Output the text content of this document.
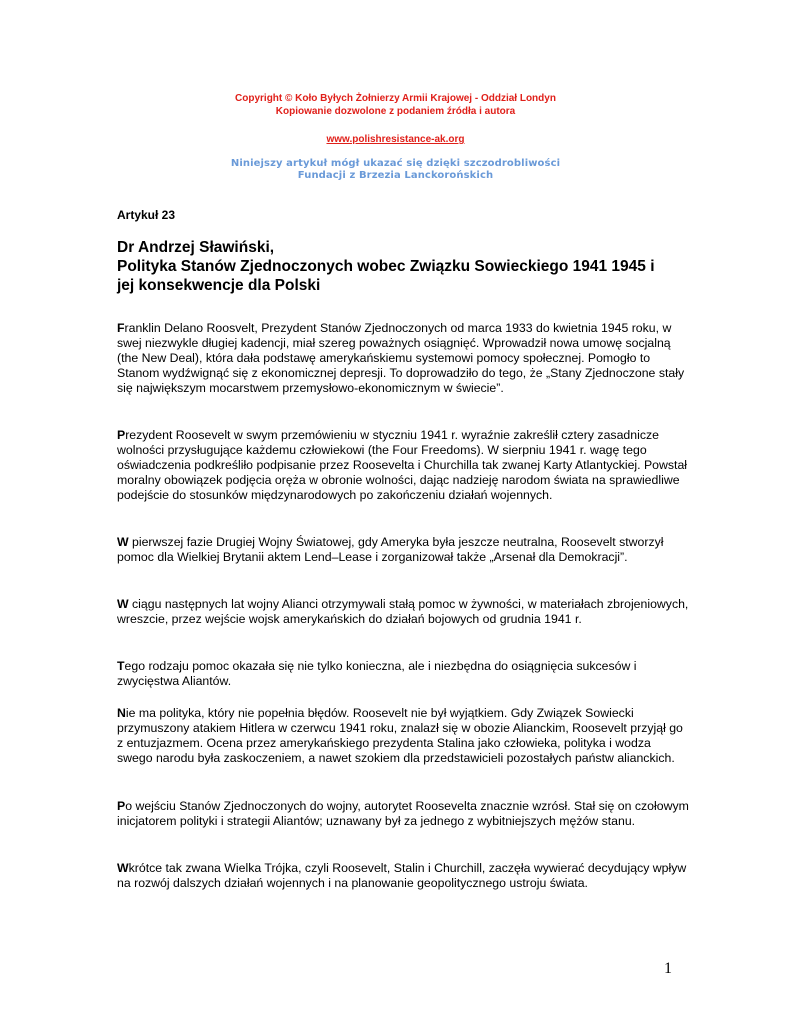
Copyright © Koło Byłych Żołnierzy Armii Krajowej - Oddział Londyn
Kopiowanie dozwolone z podaniem źródła i autora
www.polishresistance-ak.org
Niniejszy artykuł mógł ukazać się dzięki szczodrobliwości
Fundacji z Brzezia Lanckorońskich
Artykuł 23
Dr Andrzej Sławiński,
Polityka Stanów Zjednoczonych wobec Związku Sowieckiego 1941 1945 i
jej konsekwencje dla Polski
Franklin Delano Roosvelt, Prezydent Stanów Zjednoczonych od marca 1933 do kwietnia 1945 roku, w swej niezwykle długiej kadencji, miał szereg poważnych osiągnięć. Wprowadził nowa umowę socjalną (the New Deal), która dała podstawę amerykańskiemu systemowi pomocy społecznej. Pomogło to Stanom wydźwignąć się z ekonomicznej depresji. To doprowadziło do tego, że „Stany Zjednoczone stały się największym mocarstwem przemysłowo-ekonomicznym w świecie”.
Prezydent Roosevelt w swym przemówieniu w styczniu 1941 r. wyraźnie zakreślił cztery zasadnicze wolności przysługujące każdemu człowiekowi (the Four Freedoms). W sierpniu 1941 r. wagę tego oświadczenia podkreśliło podpisanie przez Roosevelta i Churchilla tak zwanej Karty Atlantyckiej. Powstał moralny obowiązek podjęcia oręża w obronie wolności, dając nadzieję narodom świata na sprawiedliwe podejście do stosunków międzynarodowych po zakończeniu działań wojennych.
W pierwszej fazie Drugiej Wojny Światowej, gdy Ameryka była jeszcze neutralna, Roosevelt stworzył pomoc dla Wielkiej Brytanii aktem Lend–Lease i zorganizował także „Arsenał dla Demokracji”.
W ciągu następnych lat wojny Alianci otrzymywali stałą pomoc w żywności, w materiałach zbrojeniowych, wreszcie, przez wejście wojsk amerykańskich do działań bojowych od grudnia 1941 r.
Tego rodzaju pomoc okazała się nie tylko konieczna, ale i niezbędna do osiągnięcia sukcesów i zwycięstwa Aliantów.
Nie ma polityka, który nie popełnia błędów. Roosevelt nie był wyjątkiem. Gdy Związek Sowiecki przymuszony atakiem Hitlera w czerwcu 1941 roku, znalazł się w obozie Alianckim, Roosevelt przyjął go z entuzjazmem. Ocena przez amerykańskiego prezydenta Stalina jako człowieka, polityka i wodza swego narodu była zaskoczeniem, a nawet szokiem dla przedstawicieli pozostałych państw alianckich.
Po wejściu Stanów Zjednoczonych do wojny, autorytet Roosevelta znacznie wzrósł. Stał się on czołowym inicjatorem polityki i strategii Aliantów; uznawany był za jednego z wybitniejszych mężów stanu.
Wkrótce tak zwana Wielka Trójka, czyli Roosevelt, Stalin i Churchill, zaczęła wywierać decydujący wpływ na rozwój dalszych działań wojennych i na planowanie geopolitycznego ustroju świata.
1
